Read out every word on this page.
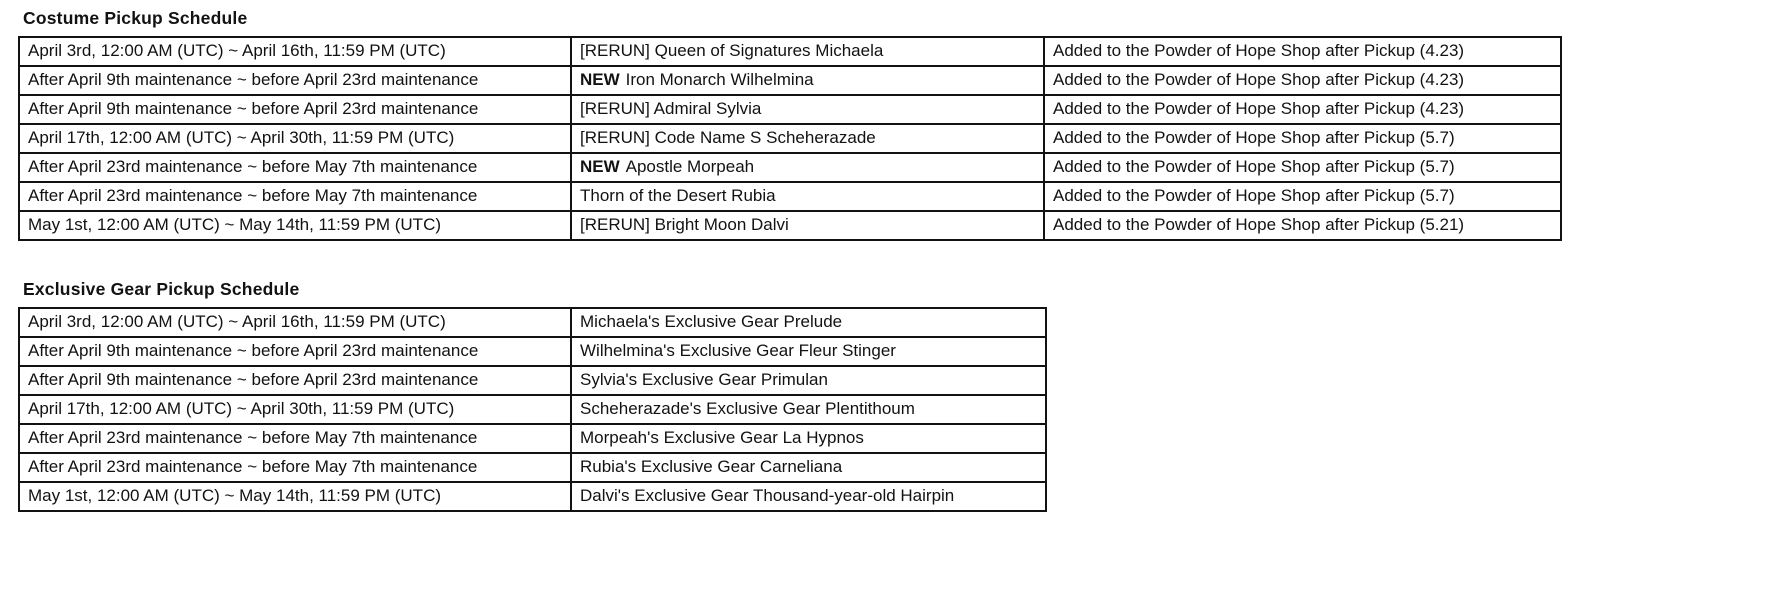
Costume Pickup Schedule
April 3rd, 12:00 AM (UTC) ~ April 16th, 11:59 PM (UTC)	[RERUN] Queen of Signatures Michaela	Added to the Powder of Hope Shop after Pickup (4.23)
After April 9th maintenance ~ before April 23rd maintenance	NEW Iron Monarch Wilhelmina	Added to the Powder of Hope Shop after Pickup (4.23)
After April 9th maintenance ~ before April 23rd maintenance	[RERUN] Admiral Sylvia	Added to the Powder of Hope Shop after Pickup (4.23)
April 17th, 12:00 AM (UTC) ~ April 30th, 11:59 PM (UTC)	[RERUN] Code Name S Scheherazade	Added to the Powder of Hope Shop after Pickup (5.7)
After April 23rd maintenance ~ before May 7th maintenance	NEW Apostle Morpeah	Added to the Powder of Hope Shop after Pickup (5.7)
After April 23rd maintenance ~ before May 7th maintenance	Thorn of the Desert Rubia	Added to the Powder of Hope Shop after Pickup (5.7)
May 1st, 12:00 AM (UTC) ~ May 14th, 11:59 PM (UTC)	[RERUN] Bright Moon Dalvi	Added to the Powder of Hope Shop after Pickup (5.21)
Exclusive Gear Pickup Schedule
April 3rd, 12:00 AM (UTC) ~ April 16th, 11:59 PM (UTC)	Michaela's Exclusive Gear Prelude
After April 9th maintenance ~ before April 23rd maintenance	Wilhelmina's Exclusive Gear Fleur Stinger
After April 9th maintenance ~ before April 23rd maintenance	Sylvia's Exclusive Gear Primulan
April 17th, 12:00 AM (UTC) ~ April 30th, 11:59 PM (UTC)	Scheherazade's Exclusive Gear Plentithoum
After April 23rd maintenance ~ before May 7th maintenance	Morpeah's Exclusive Gear La Hypnos
After April 23rd maintenance ~ before May 7th maintenance	Rubia's Exclusive Gear Carneliana
May 1st, 12:00 AM (UTC) ~ May 14th, 11:59 PM (UTC)	Dalvi's Exclusive Gear Thousand-year-old Hairpin
